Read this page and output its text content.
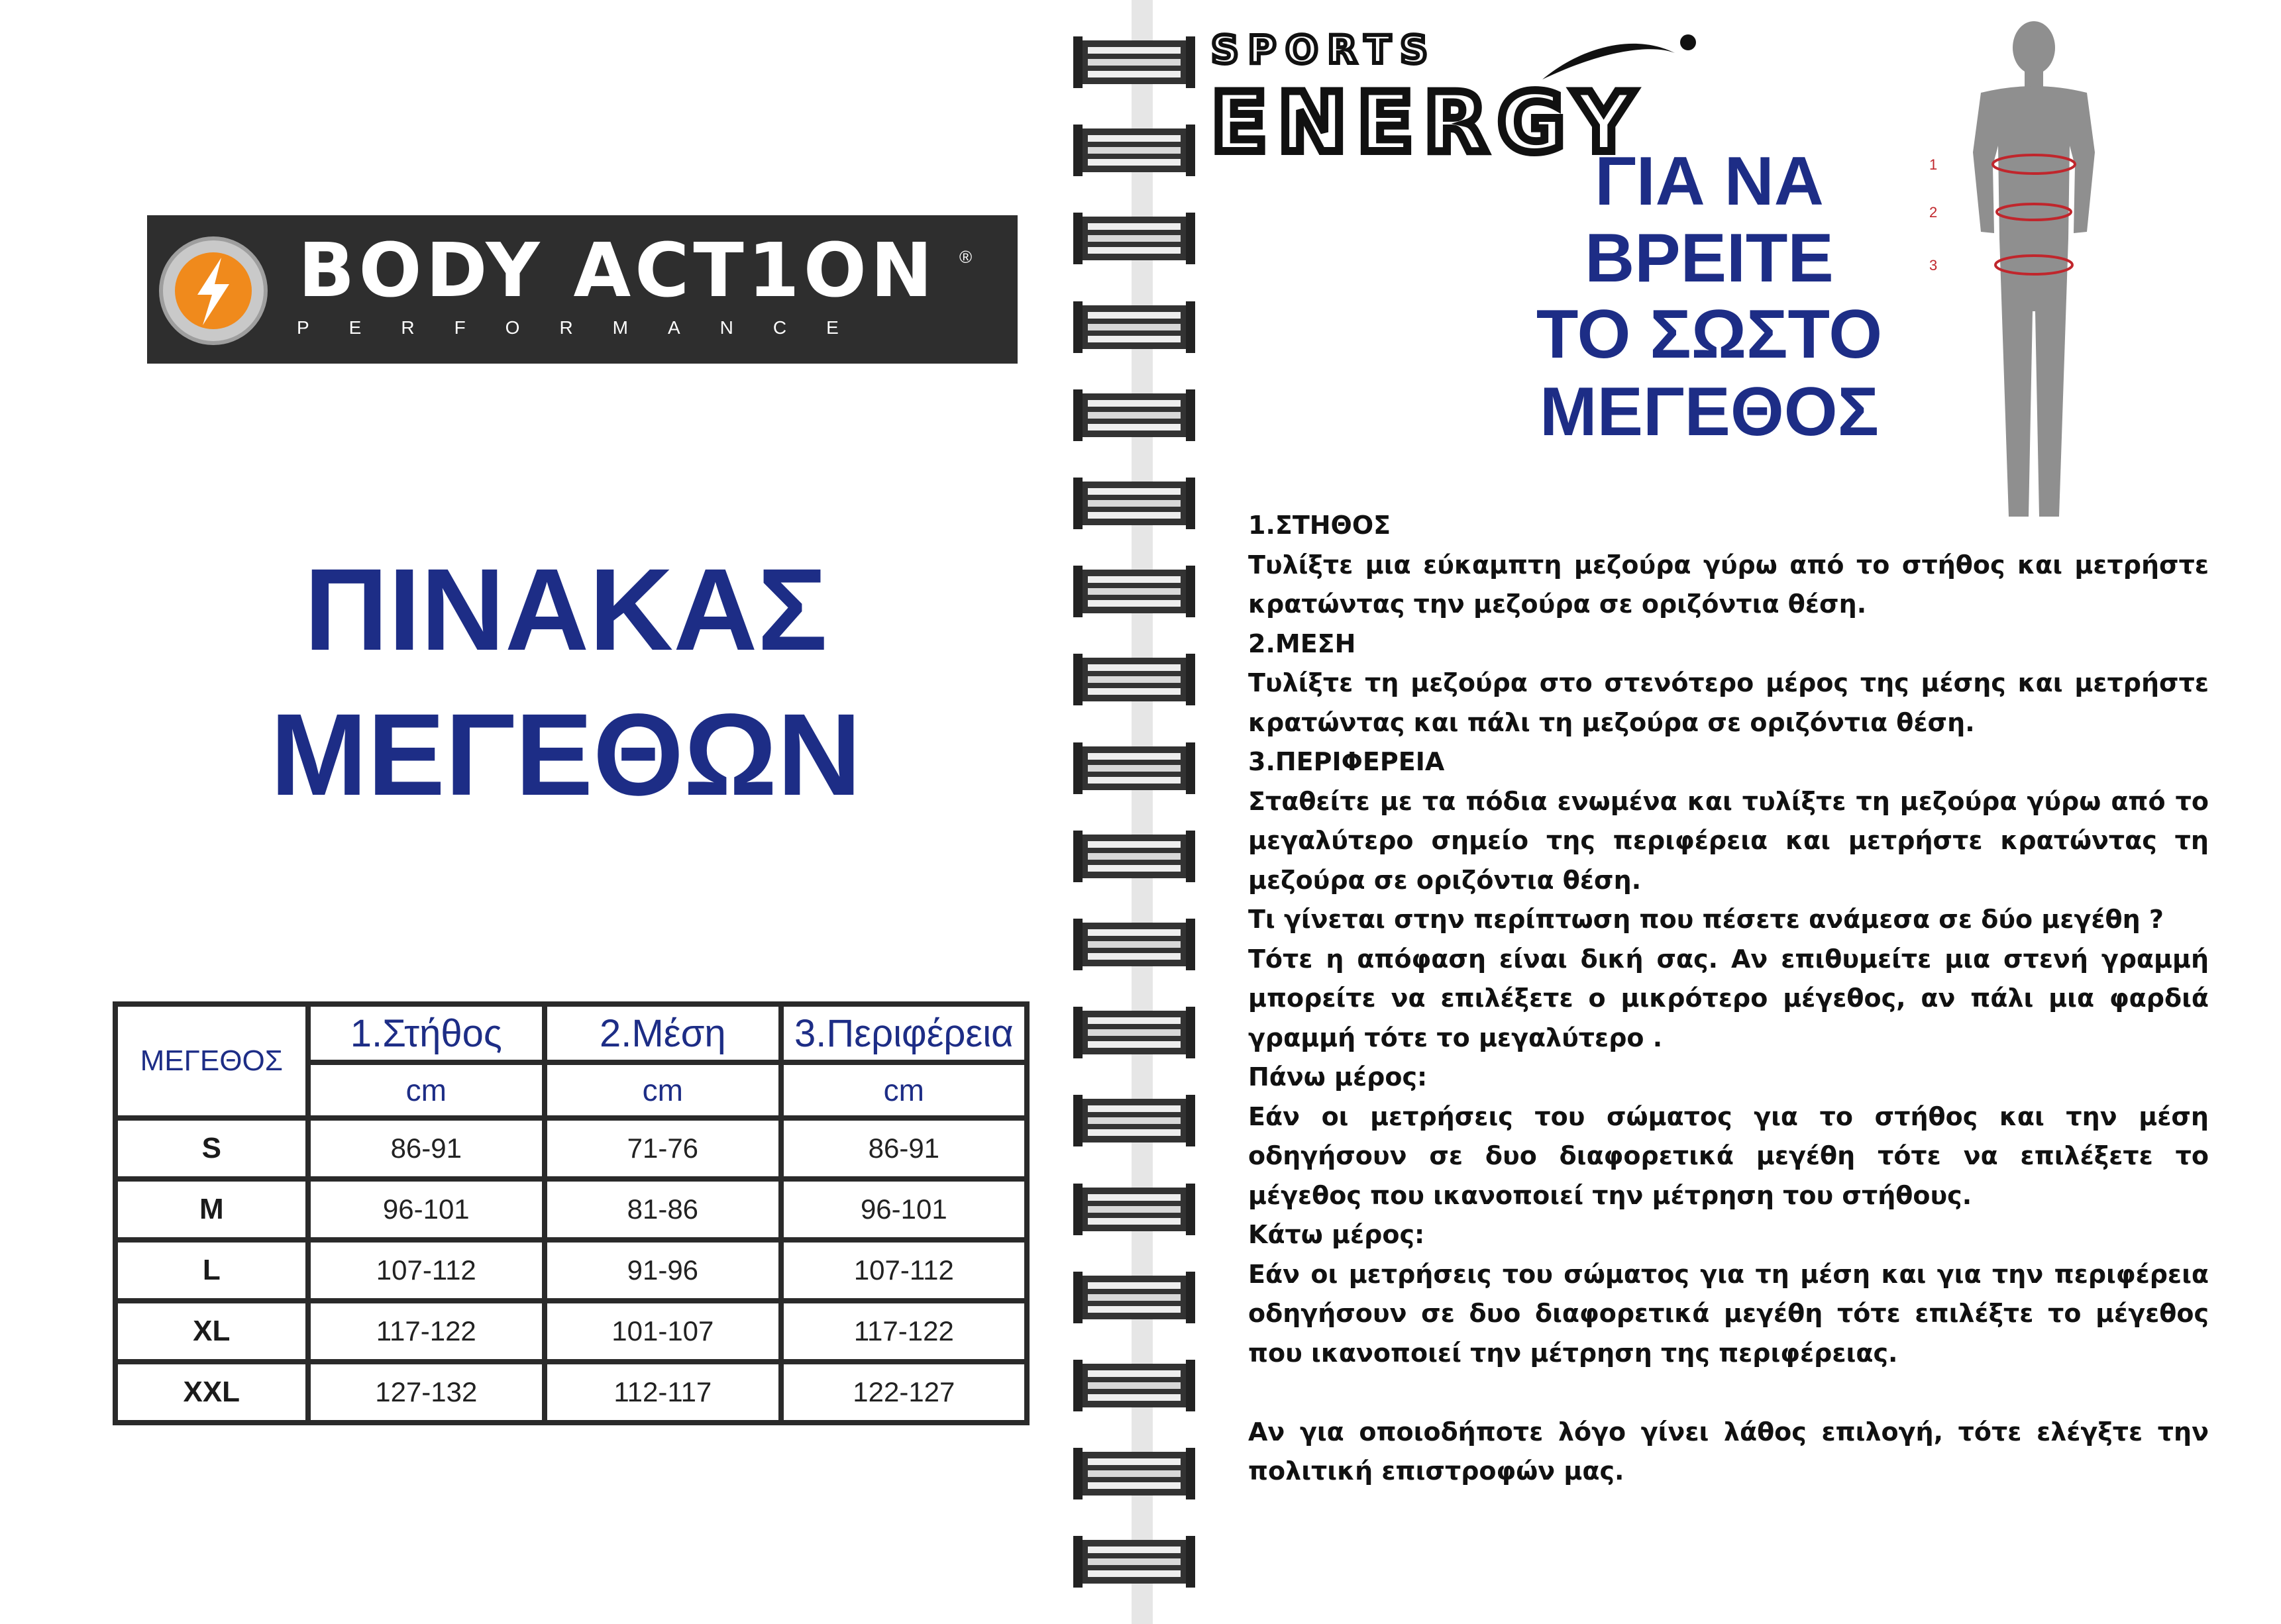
BODY ACT1ON ®
PERFORMANCE
ΠΙΝΑΚΑΣ
ΜΕΓΕΘΩΝ
ΜΕΓΕΘΟΣ	1.Στήθος	2.Μέση	3.Περιφέρεια
	cm	cm	cm
S	86-91	71-76	86-91
M	96-101	81-86	96-101
L	107-112	91-96	107-112
XL	117-122	101-107	117-122
XXL	127-132	112-117	122-127
SPORTS
ENERGY
ΓΙΑ ΝΑ
ΒΡΕΙΤΕ
ΤΟ ΣΩΣΤΟ
ΜΕΓΕΘΟΣ
1
2
3

1.ΣΤΗΘΟΣ

Τυλίξτε μια εύκαμπτη μεζούρα γύρω από το στήθος και μετρήστε κρατώντας την μεζούρα σε οριζόντια θέση.

2.ΜΕΣΗ

Τυλίξτε τη μεζούρα στο στενότερο μέρος της μέσης και μετρήστε κρατώντας και πάλι τη μεζούρα σε οριζόντια θέση.

3.ΠΕΡΙΦΕΡΕΙΑ

Σταθείτε με τα πόδια ενωμένα και τυλίξτε τη μεζούρα γύρω από το μεγαλύτερο σημείο της περιφέρεια και μετρήστε κρατώντας τη μεζούρα σε οριζόντια θέση.

Τι γίνεται στην περίπτωση που πέσετε ανάμεσα σε δύο μεγέθη ?

Τότε η απόφαση είναι δική σας. Αν επιθυμείτε μια στενή γραμμή μπορείτε να επιλέξετε ο μικρότερο μέγεθος, αν πάλι μια φαρδιά γραμμή τότε το μεγαλύτερο .

Πάνω μέρος:

Εάν οι μετρήσεις του σώματος για το στήθος και την μέση οδηγήσουν σε δυο διαφορετικά μεγέθη τότε να επιλέξετε το μέγεθος που ικανοποιεί την μέτρηση του στήθους.

Κάτω μέρος:

Εάν οι μετρήσεις του σώματος για τη μέση και για την περιφέρεια οδηγήσουν σε δυο διαφορετικά μεγέθη τότε επιλέξτε το μέγεθος που ικανοποιεί την μέτρηση της περιφέρειας.

Αν για οποιοδήποτε λόγο γίνει λάθος επιλογή, τότε ελέγξτε την πολιτική επιστροφών μας.
